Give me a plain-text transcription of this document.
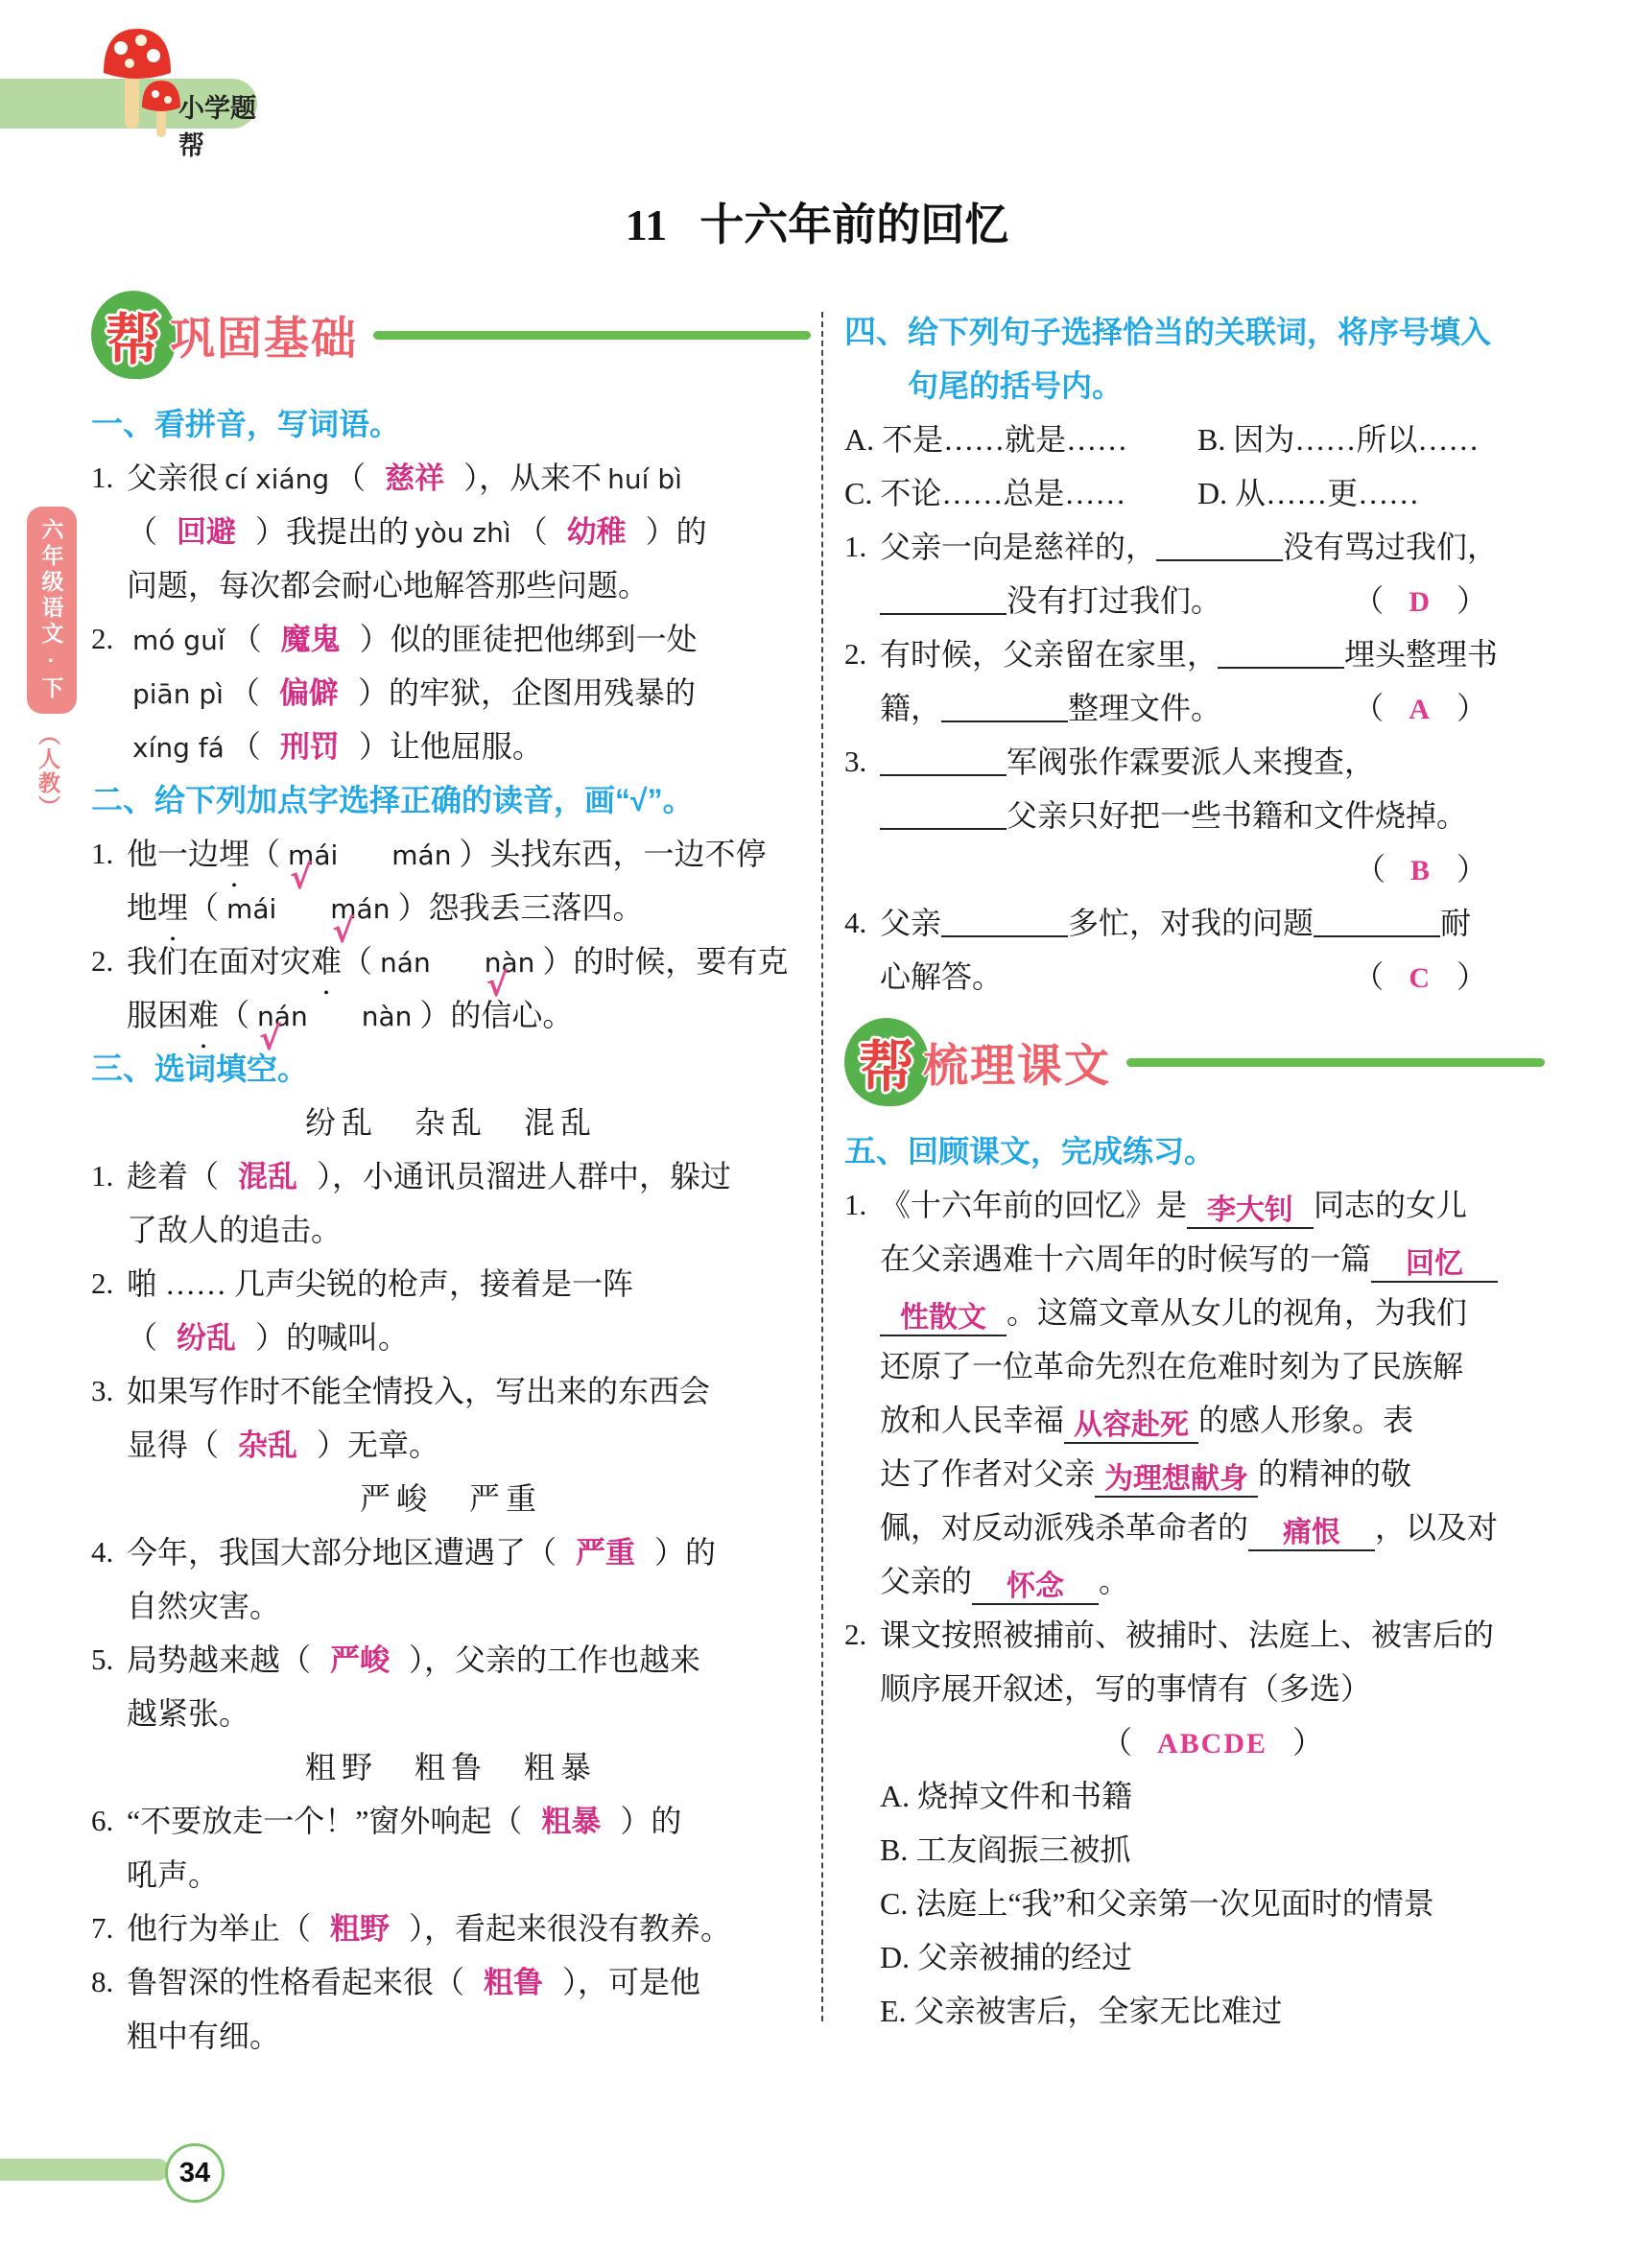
小学题帮
11 十六年前的回忆
六年级语文·下
（人教）
帮 巩固基础
一、 看拼音，写词语。
1. 父亲很 cí xiáng （ 慈祥 ），从来不 huí bì
（ 回避 ）我提出的 yòu zhì （ 幼稚 ）的
问题，每次都会耐心地解答那些问题。
2. mó guǐ （ 魔鬼 ）似的匪徒把他绑到一处
piān pì （ 偏僻 ）的牢狱，企图用残暴的
xíng fá （ 刑罚 ）让他屈服。
二、 给下列加点字选择正确的读音，画“√”。
1. 他一边埋（ mái √ mán ）头找东西，一边不停
地埋（ mái mán √ ）怨我丢三落四。
2. 我们在面对灾难（ nán nàn √ ）的时候，要有克
服困难（ nán √ nàn ）的信心。
三、 选词填空。
纷乱　杂乱　混乱
1. 趁着（ 混乱 ），小通讯员溜进人群中，躲过
了敌人的追击。
2. 啪 …… 几声尖锐的枪声，接着是一阵
（ 纷乱 ）的喊叫。
3. 如果写作时不能全情投入，写出来的东西会
显得（ 杂乱 ）无章。
严峻　严重
4. 今年，我国大部分地区遭遇了（ 严重 ）的
自然灾害。
5. 局势越来越（ 严峻 ），父亲的工作也越来
越紧张。
粗野　粗鲁　粗暴
6. “不要放走一个！”窗外响起（ 粗暴 ）的
吼声。
7. 他行为举止（ 粗野 ），看起来很没有教养。
8. 鲁智深的性格看起来很（ 粗鲁 ），可是他
粗中有细。
四、 给下列句子选择恰当的关联词，将序号填入
句尾的括号内。
A. 不是……就是…… B. 因为……所以……
C. 不论……总是…… D. 从……更……
1. 父亲一向是慈祥的，	没有骂过我们，
没有打过我们。	（ D ）
2. 有时候，父亲留在家里，	埋头整理书
籍，	整理文件。	（ A ）
3.	军阀张作霖要派人来搜查，
父亲只好把一些书籍和文件烧掉。
（ B ）
4. 父亲	多忙，对我的问题	耐
心解答。	（ C ）
帮 梳理课文
五、 回顾课文，完成练习。
1. 《十六年前的回忆》是 李大钊 同志的女儿
在父亲遇难十六周年的时候写的一篇 回忆
性散文 。这篇文章从女儿的视角，为我们
还原了一位革命先烈在危难时刻为了民族解
放和人民幸福 从容赴死 的感人形象。表
达了作者对父亲 为理想献身 的精神的敬
佩，对反动派残杀革命者的 痛恨 ，以及对
父亲的 怀念 。
2. 课文按照被捕前、被捕时、法庭上、被害后的
顺序展开叙述，写的事情有（多选）
（ ABCDE ）
A. 烧掉文件和书籍
B. 工友阎振三被抓
C. 法庭上“我”和父亲第一次见面时的情景
D. 父亲被捕的经过
E. 父亲被害后，全家无比难过
34
